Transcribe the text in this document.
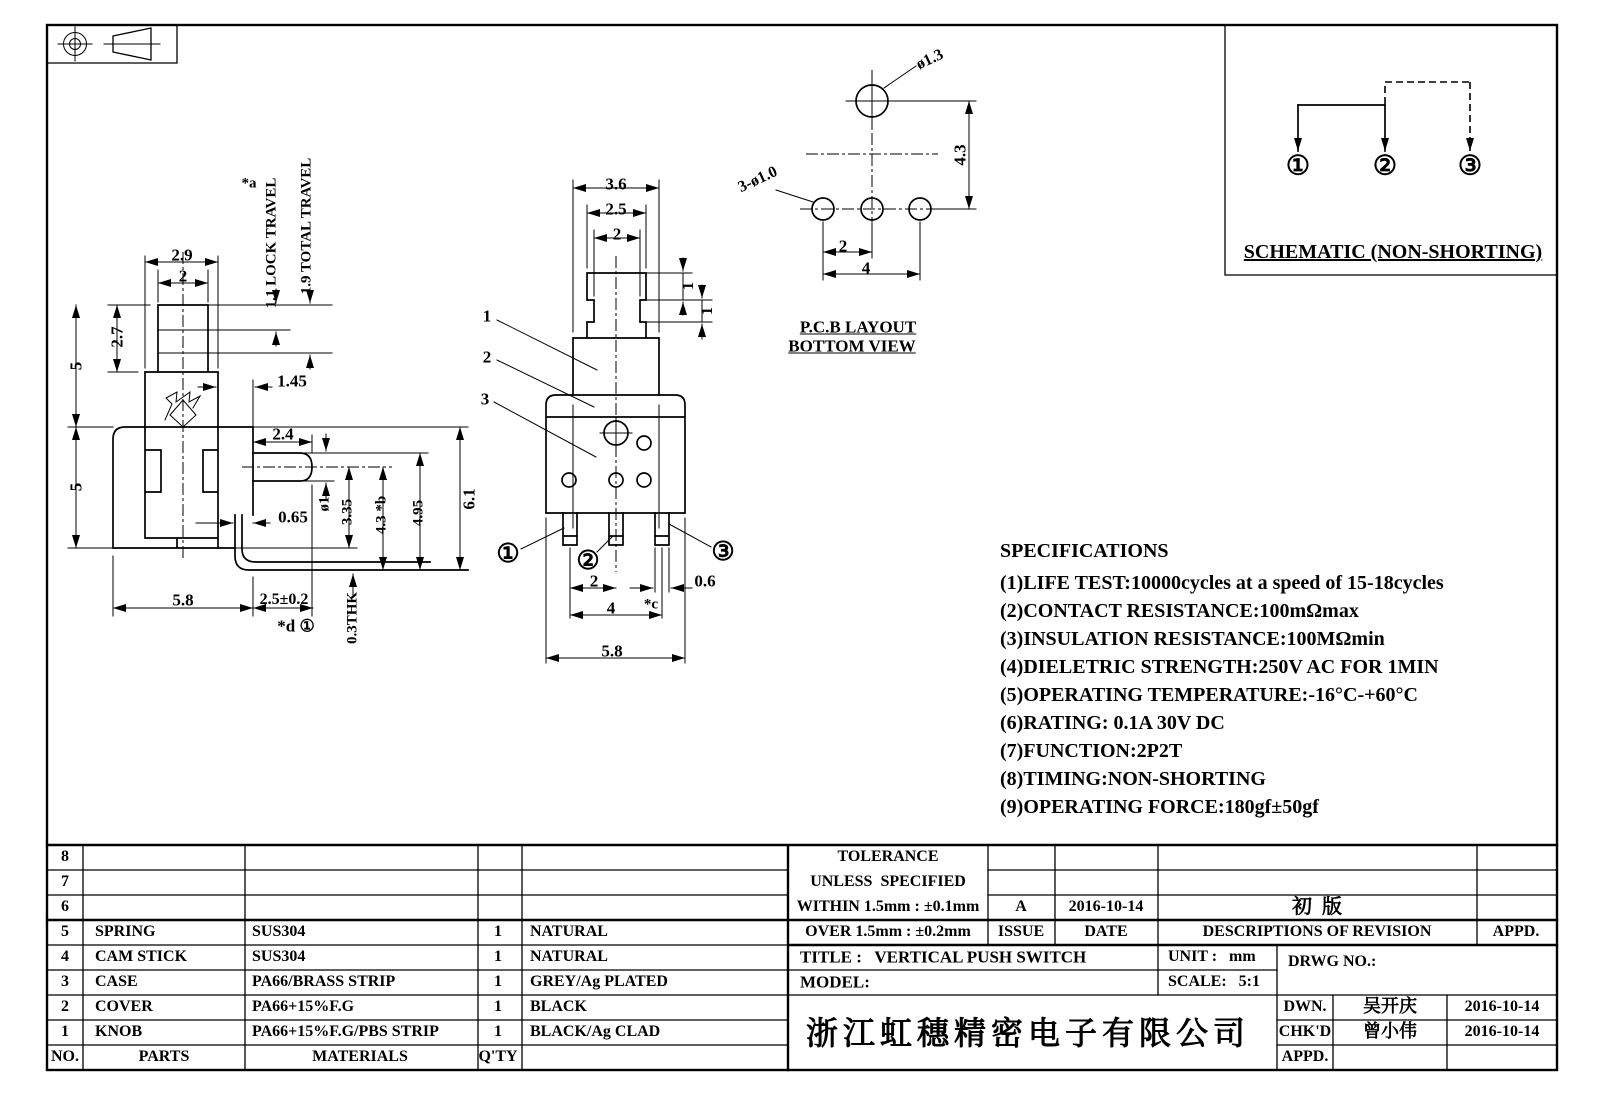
2.9
2
2.7
5
5
*a 1.1 LOCK TRAVEL 1.9 TOTAL TRAVEL
1.45
2.4
0.65
ø1 3.35 4.3 *b 4.95
6.1
5.8	2.5±0.2
*d ① 0.3THK
3.6
2.5
2
1
1	1
2
3
① ②	③
2
4 *c
0.6
5.8
ø1.3
3-ø1.0
4.3
2
4
P.C.B LAYOUT
BOTTOM VIEW
① ② ③
SCHEMATIC (NON-SHORTING)
SPECIFICATIONS
(1)LIFE TEST:10000cycles at a speed of 15-18cycles
(2)CONTACT RESISTANCE:100mΩmax
(3)INSULATION RESISTANCE:100MΩmin
(4)DIELETRIC STRENGTH:250V AC FOR 1MIN
(5)OPERATING TEMPERATURE:-16°C-+60°C
(6)RATING: 0.1A 30V DC
(7)FUNCTION:2P2T
(8)TIMING:NON-SHORTING
(9)OPERATING FORCE:180gf±50gf
8
7
6
5 SPRING	SUS304	1 NATURAL
4 CAM STICK	SUS304	1 NATURAL
3 CASE	PA66/BRASS STRIP	1 GREY/Ag PLATED
2 COVER	PA66+15%F.G	1 BLACK
1 KNOB	PA66+15%F.G/PBS STRIP	1 BLACK/Ag CLAD
NO.	PARTS	MATERIALS	Q'TY
TOLERANCE
UNLESS  SPECIFIED
WITHIN 1.5mm : ±0.1mm
OVER 1.5mm : ±0.2mm
A	2016-10-14	初  版
ISSUE	DATE	DESCRIPTIONS OF REVISION	APPD.
TITLE :   VERTICAL PUSH SWITCH	UNIT :   mm
MODEL:	SCALE:   5:1
DRWG NO.:
DWN. 吴开庆	2016-10-14
CHK'D 曾小伟	2016-10-14
APPD.
浙江虹穗精密电子有限公司
